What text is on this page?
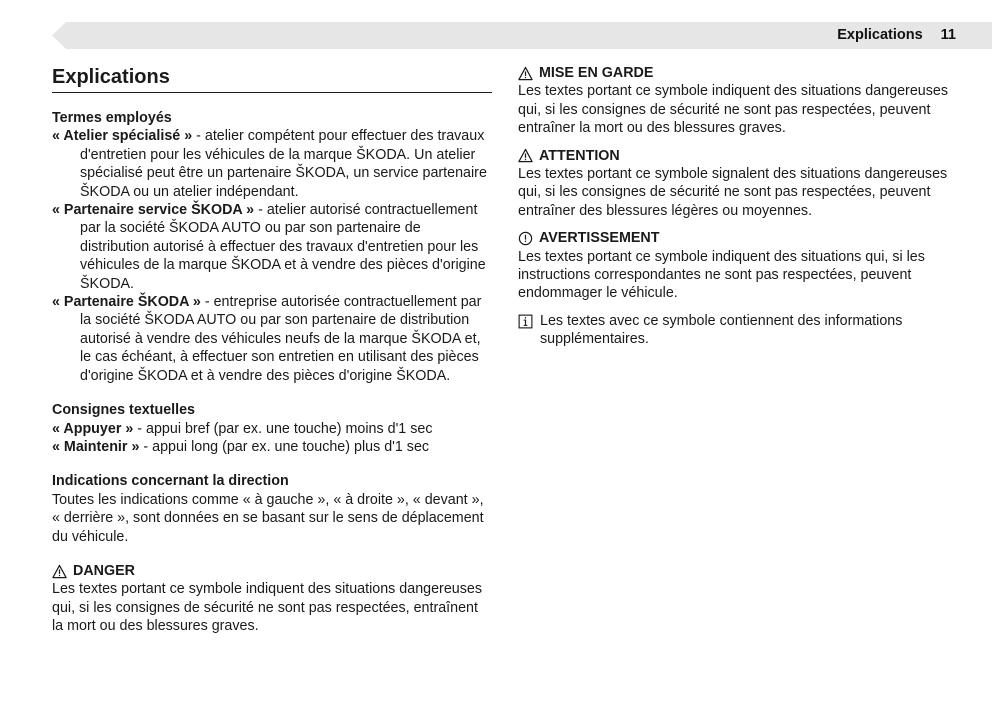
Explications 11
Explications
Termes employés

« Atelier spécialisé » - atelier compétent pour effectuer des travaux d'entretien pour les véhicules de la marque ŠKODA. Un atelier spécialisé peut être un partenaire ŠKODA, un service partenaire ŠKODA ou un atelier indépendant.

« Partenaire service ŠKODA » - atelier autorisé contractuellement par la société ŠKODA AUTO ou par son partenaire de distribution autorisé à effectuer des travaux d'entretien pour les véhicules de la marque ŠKODA et à vendre des pièces d'origine ŠKODA.

« Partenaire ŠKODA » - entreprise autorisée contractuellement par la société ŠKODA AUTO ou par son partenaire de distribution autorisé à vendre des véhicules neufs de la marque ŠKODA et, le cas échéant, à effectuer son entretien en utilisant des pièces d'origine ŠKODA et à vendre des pièces d'origine ŠKODA.

Consignes textuelles

« Appuyer » - appui bref (par ex. une touche) moins d'1 sec

« Maintenir » - appui long (par ex. une touche) plus d'1 sec

Indications concernant la direction

Toutes les indications comme « à gauche », « à droite », « devant », « derrière », sont données en se basant sur le sens de déplacement du véhicule.

DANGER

Les textes portant ce symbole indiquent des situations dangereuses qui, si les consignes de sécurité ne sont pas respectées, entraînent la mort ou des blessures graves.

MISE EN GARDE

Les textes portant ce symbole indiquent des situations dangereuses qui, si les consignes de sécurité ne sont pas respectées, peuvent entraîner la mort ou des blessures graves.

ATTENTION

Les textes portant ce symbole signalent des situations dangereuses qui, si les consignes de sécurité ne sont pas respectées, peuvent entraîner des blessures légères ou moyennes.

AVERTISSEMENT

Les textes portant ce symbole indiquent des situations qui, si les instructions correspondantes ne sont pas respectées, peuvent endommager le véhicule.

Les textes avec ce symbole contiennent des informations supplémentaires.
